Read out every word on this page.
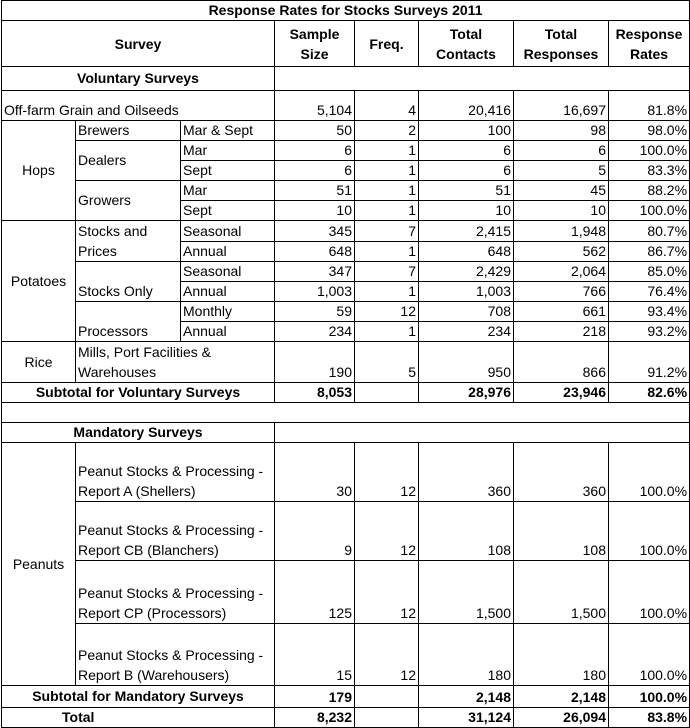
Response Rates for Stocks Surveys 2011							
Survey			Sample Size	Freq.	Total Contacts	Total Responses	Response Rates
Voluntary Surveys							
Off-farm Grain and Oilseeds			5,104	4	20,416	16,697	81.8%
Hops	Brewers	Mar & Sept	50	2	100	98	98.0%
	Dealers	Mar	6	1	6	6	100.0%
		Sept	6	1	6	5	83.3%
	Growers	Mar	51	1	51	45	88.2%
		Sept	10	1	10	10	100.0%
Potatoes	Stocks and Prices	Seasonal	345	7	2,415	1,948	80.7%
		Annual	648	1	648	562	86.7%
	Stocks Only	Seasonal	347	7	2,429	2,064	85.0%
		Annual	1,003	1	1,003	766	76.4%
	Processors	Monthly	59	12	708	661	93.4%
		Annual	234	1	234	218	93.2%
Rice	Mills, Port Facilities & Warehouses		190	5	950	866	91.2%
Subtotal for Voluntary Surveys			8,053		28,976	23,946	82.6%

Mandatory Surveys							
Peanuts	Peanut Stocks & Processing - Report A (Shellers)		30	12	360	360	100.0%
	Peanut Stocks & Processing - Report CB (Blanchers)		9	12	108	108	100.0%
	Peanut Stocks & Processing - Report CP (Processors)		125	12	1,500	1,500	100.0%
	Peanut Stocks & Processing - Report B (Warehousers)		15	12	180	180	100.0%
Subtotal for Mandatory Surveys			179		2,148	2,148	100.0%
Total			8,232		31,124	26,094	83.8%
